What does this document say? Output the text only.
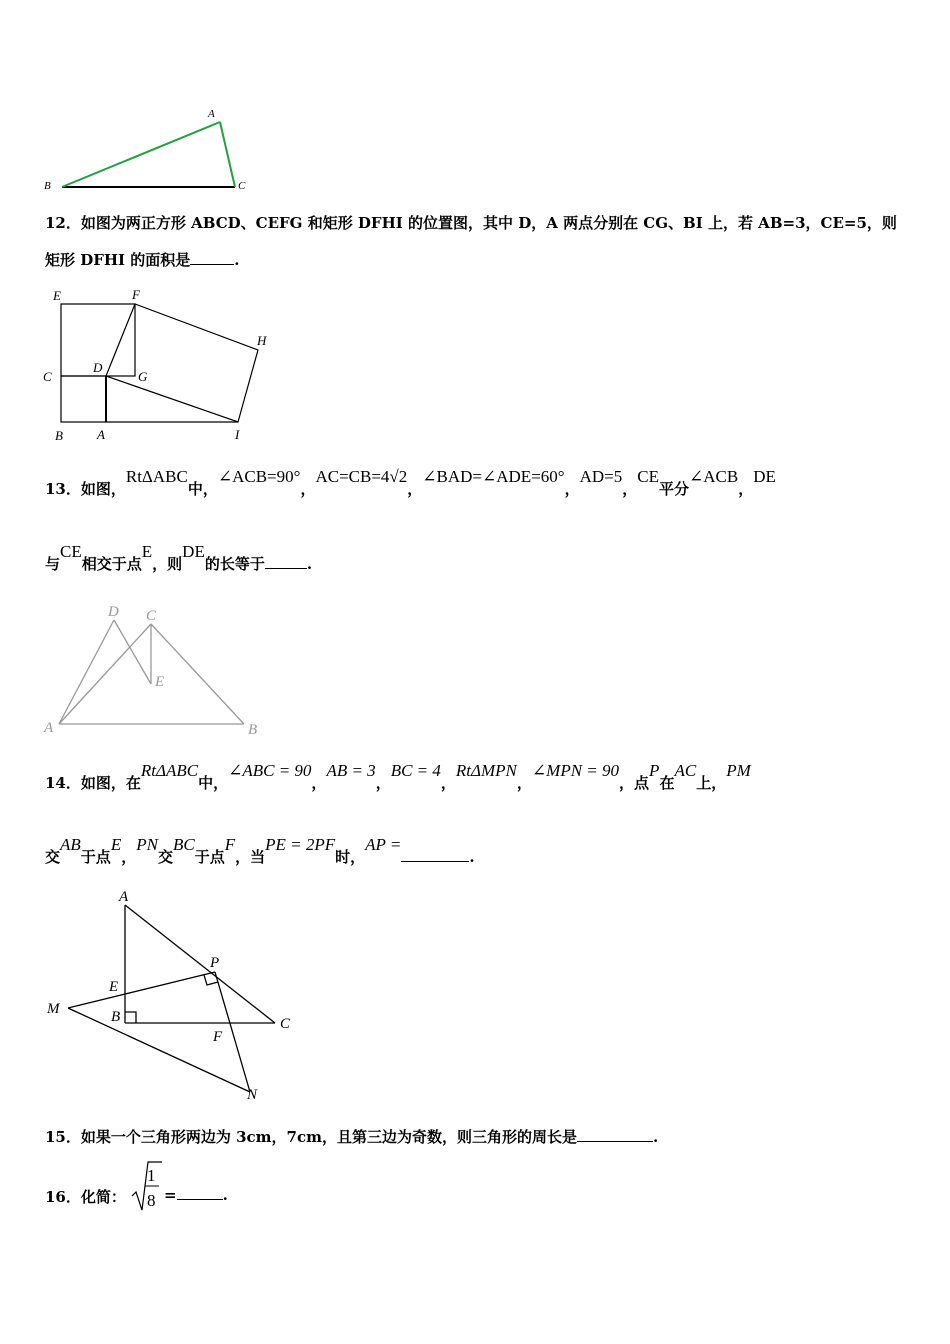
A
B	C
12．如图为两正方形 ABCD、CEFG 和矩形 DFHI 的位置图，其中 D，A 两点分别在 CG、BI 上，若 AB=3，CE=5，则
矩形 DFHI 的面积是	.
E	F
H
C
D
G
B	A	I
13．如图，RtΔABC中，∠ACB=90°，AC=CB=4√2，∠BAD=∠ADE=60°，AD=5，CE平分∠ACB，DE
与CE相交于点E，则DE的长等于	.
D C
E
A	B
14．如图，在RtΔABC中，∠ABC = 90，AB = 3，BC = 4，RtΔMPN，∠MPN = 90，点P在AC上，PM
交AB于点E，PN交BC于点F，当PE = 2PF时，AP =.
A
P
E
M	B	C
F
N
15．如果一个三角形两边为 3cm，7cm，且第三边为奇数，则三角形的周长是	.
16．化简：
1
8 =	.
